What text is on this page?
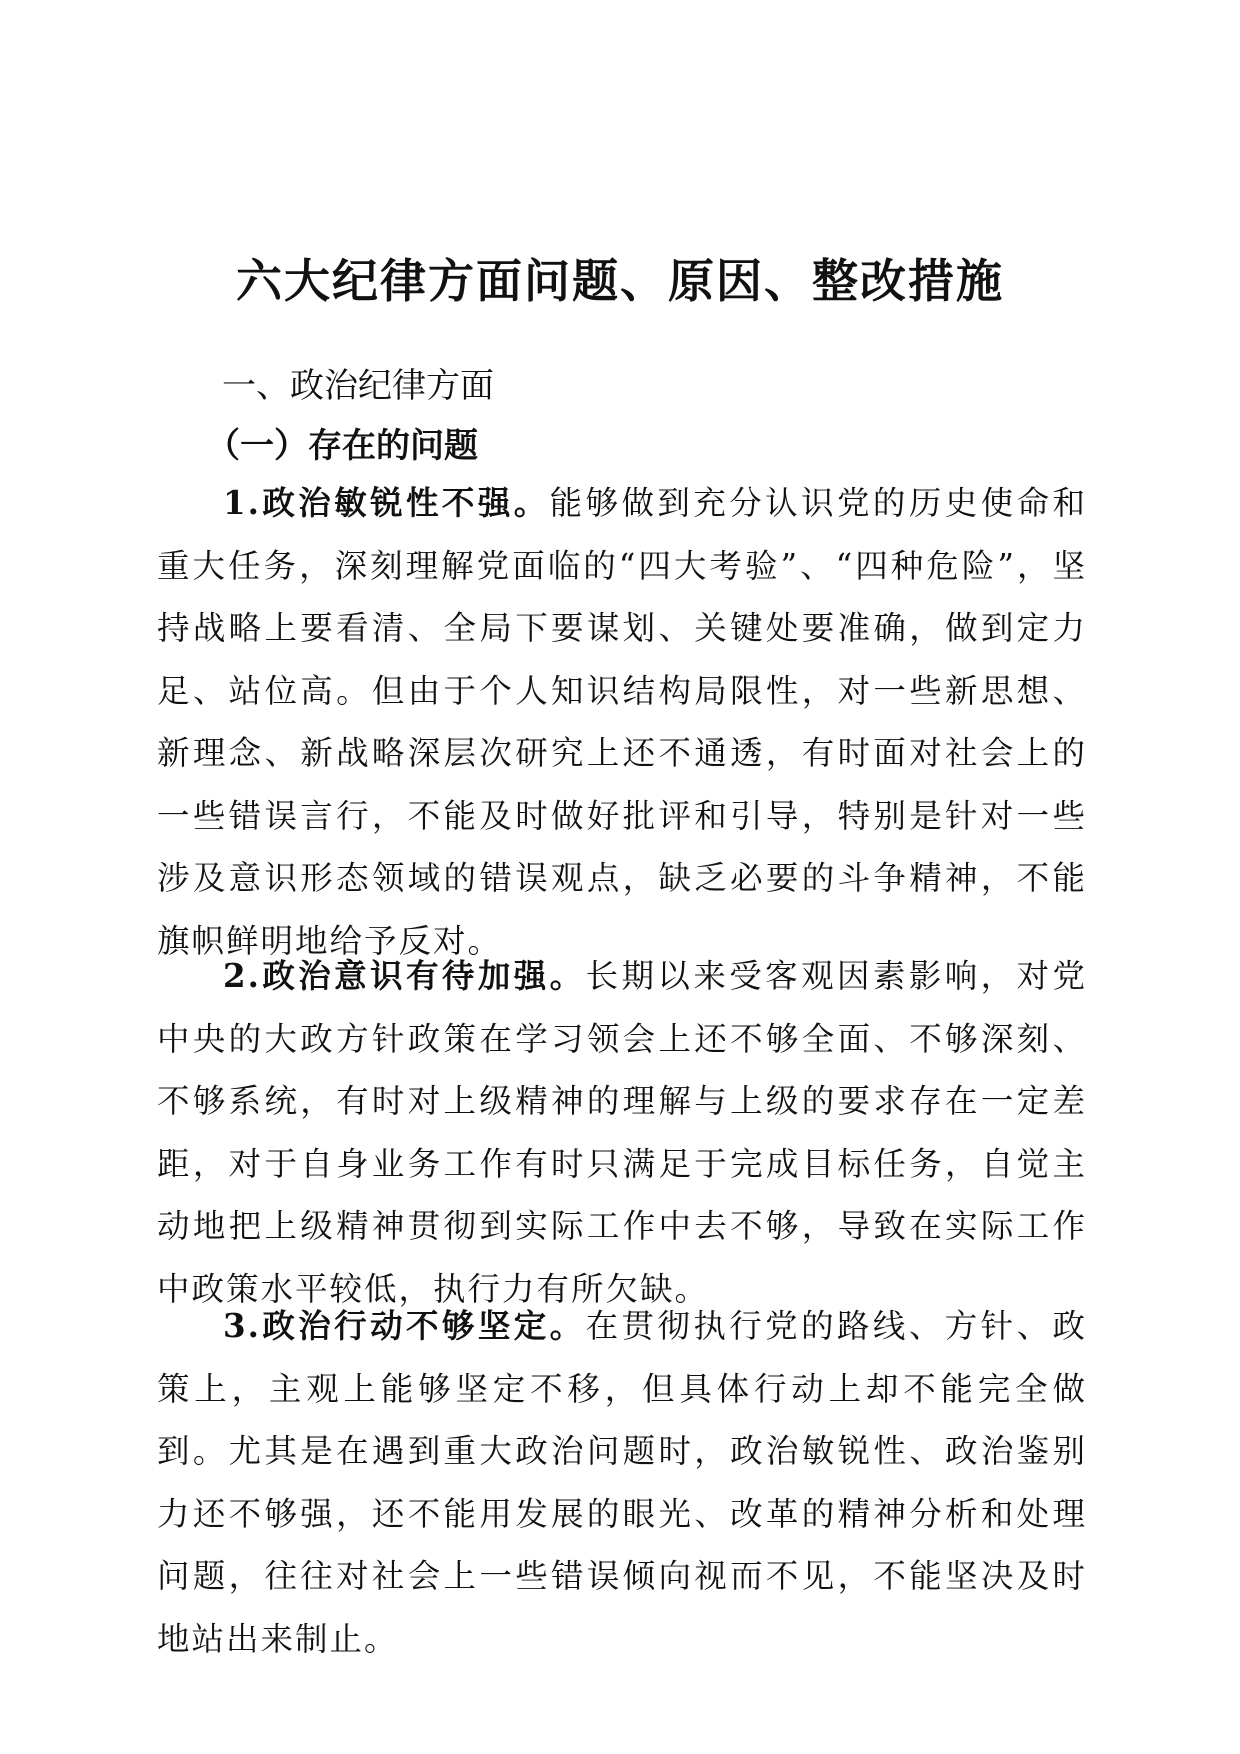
六大纪律方面问题、原因、整改措施
一、政治纪律方面
（一）存在的问题

1.政治敏锐性不强。能够做到充分认识党的历史使命和重大任务，深刻理解党面临的“四大考验”、“四种危险”，坚持战略上要看清、全局下要谋划、关键处要准确，做到定力足、站位高。但由于个人知识结构局限性，对一些新思想、新理念、新战略深层次研究上还不通透，有时面对社会上的一些错误言行，不能及时做好批评和引导，特别是针对一些涉及意识形态领域的错误观点，缺乏必要的斗争精神，不能旗帜鲜明地给予反对。

2.政治意识有待加强。长期以来受客观因素影响，对党中央的大政方针政策在学习领会上还不够全面、不够深刻、不够系统，有时对上级精神的理解与上级的要求存在一定差距，对于自身业务工作有时只满足于完成目标任务，自觉主动地把上级精神贯彻到实际工作中去不够，导致在实际工作中政策水平较低，执行力有所欠缺。

3.政治行动不够坚定。在贯彻执行党的路线、方针、政策上，主观上能够坚定不移，但具体行动上却不能完全做到。尤其是在遇到重大政治问题时，政治敏锐性、政治鉴别力还不够强，还不能用发展的眼光、改革的精神分析和处理问题，往往对社会上一些错误倾向视而不见，不能坚决及时地站出来制止。
